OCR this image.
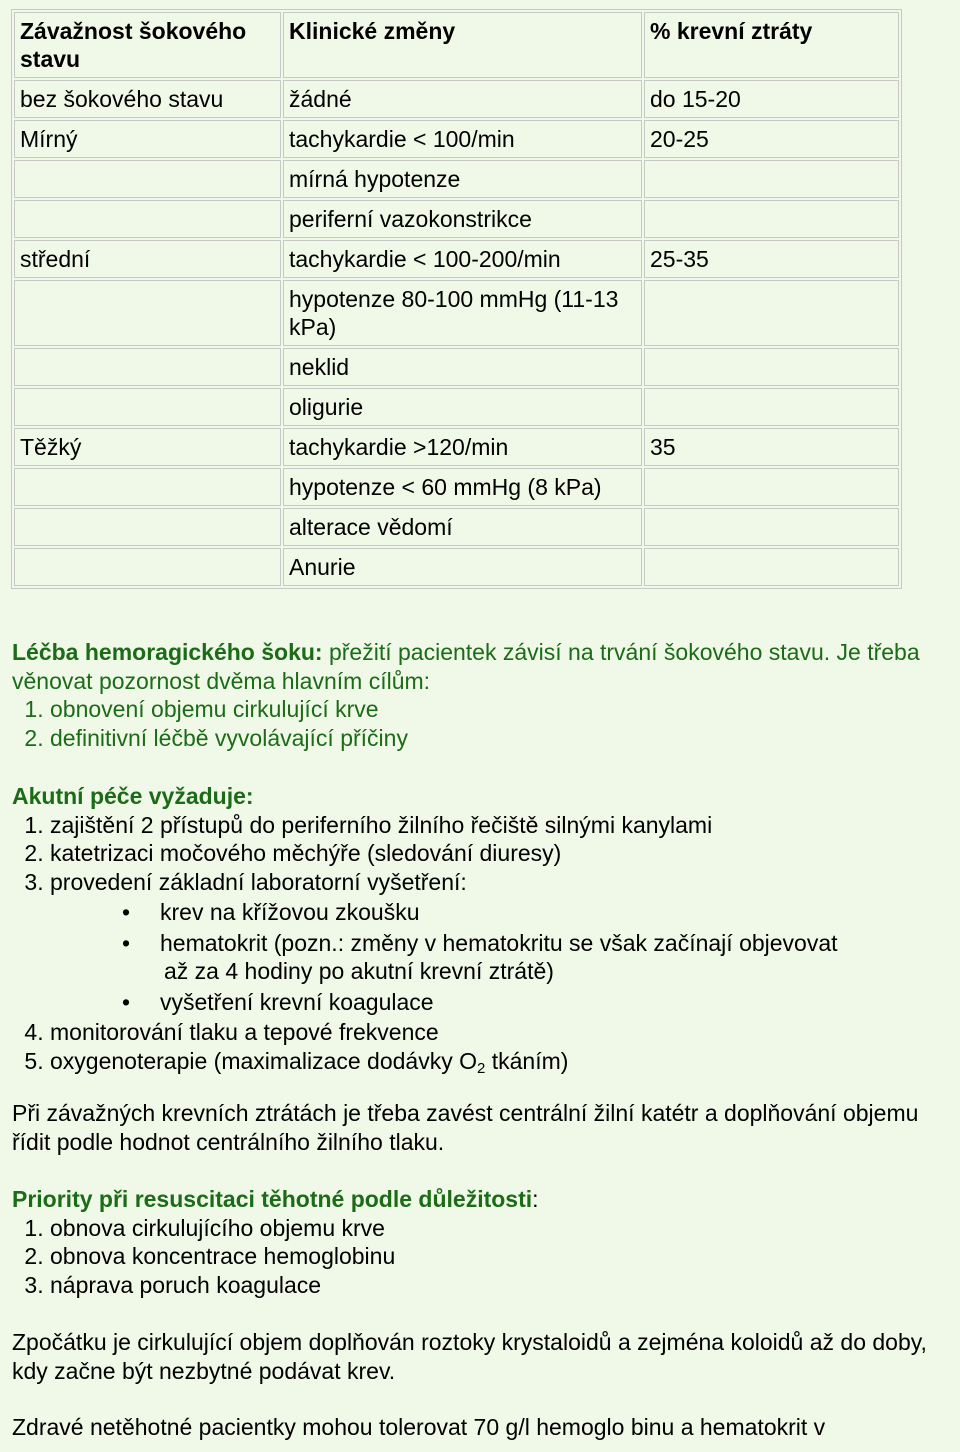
Závažnost šokového stavu	Klinické změny	% krevní ztráty
bez šokového stavu	žádné	do 15-20
Mírný	tachykardie < 100/min	20-25
	mírná hypotenze	
	periferní vazokonstrikce	
střední	tachykardie < 100-200/min	25-35
	hypotenze 80-100 mmHg (11-13 kPa)	
	neklid	
	oligurie	
Těžký	tachykardie >120/min	35
	hypotenze < 60 mmHg (8 kPa)	
	alterace vědomí	
	Anurie	
Léčba hemoragického šoku: přežití pacientek závisí na trvání šokového stavu. Je třeba věnovat pozornost dvěma hlavním cílům:
1. obnovení objemu cirkulující krve
2. definitivní léčbě vyvolávající příčiny
Akutní péče vyžaduje:
1. zajištění 2 přístupů do periferního žilního řečiště silnými kanylami
2. katetrizaci močového měchýře (sledování diuresy)
3. provedení základní laboratorní vyšetření:
• krev na křížovou zkoušku
• hematokrit (pozn.: změny v hematokritu se však začínají objevovat
až za 4 hodiny po akutní krevní ztrátě)
• vyšetření krevní koagulace
4. monitorování tlaku a tepové frekvence
5. oxygenoterapie (maximalizace dodávky $O_2$ tkáním)
Při závažných krevních ztrátách je třeba zavést centrální žilní katétr a doplňování objemu řídit podle hodnot centrálního žilního tlaku.
Priority při resuscitaci těhotné podle důležitosti:
1. obnova cirkulujícího objemu krve
2. obnova koncentrace hemoglobinu
3. náprava poruch koagulace
Zpočátku je cirkulující objem doplňován roztoky krystaloidů a zejména koloidů až do doby, kdy začne být nezbytné podávat krev.
Zdravé netěhotné pacientky mohou tolerovat 70 g/l hemoglo binu a hematokrit v
